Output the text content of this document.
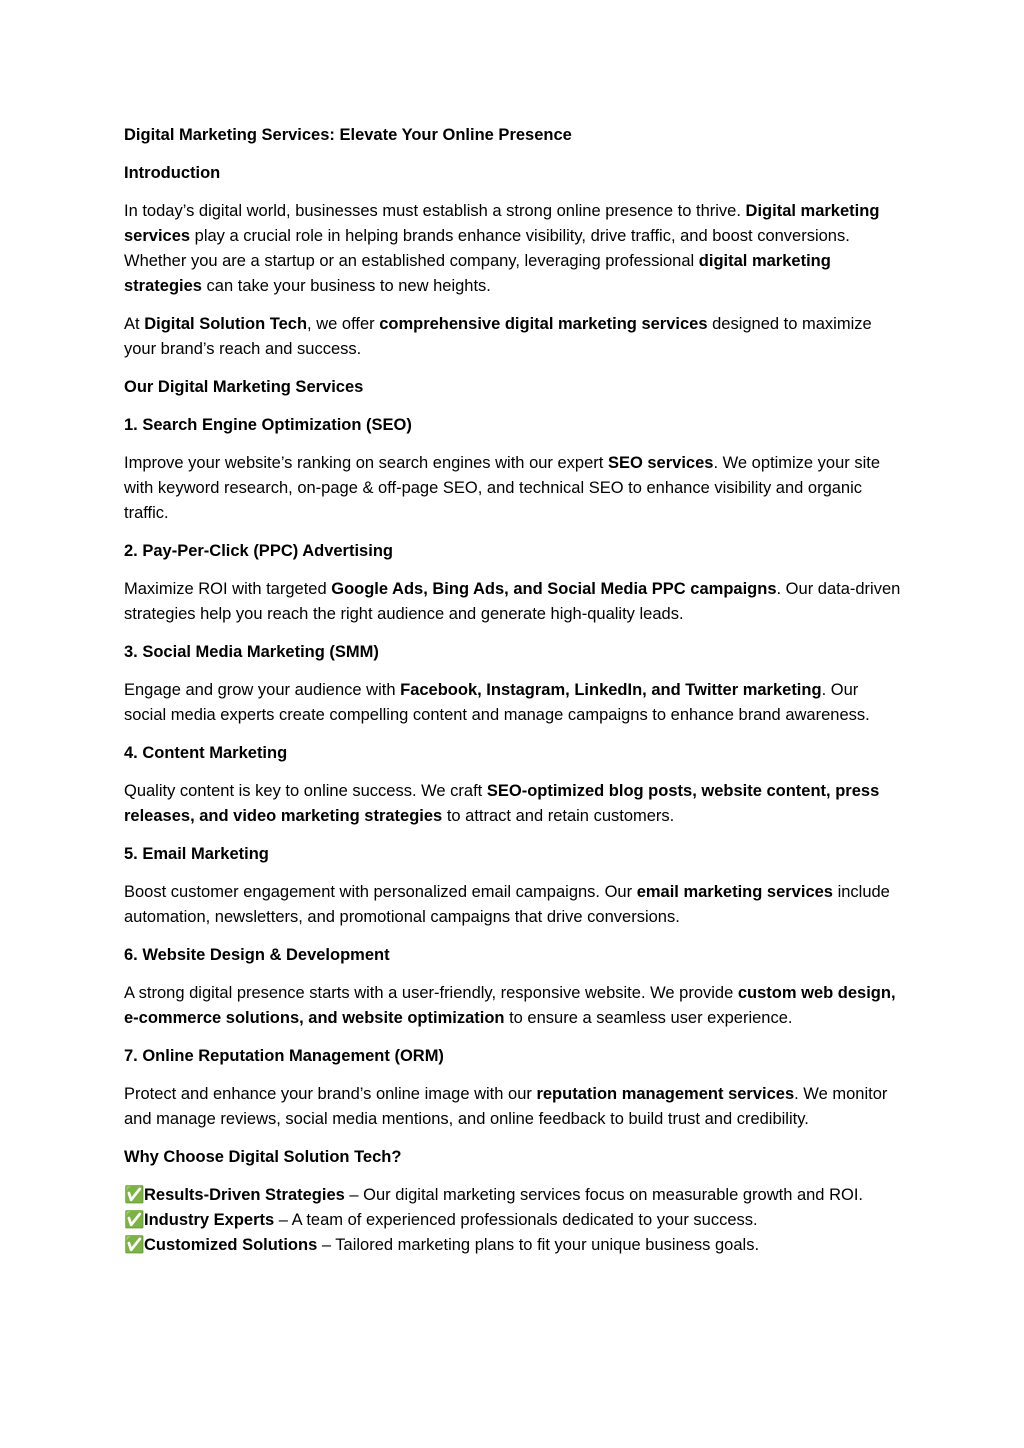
Digital Marketing Services: Elevate Your Online Presence

Introduction

In today’s digital world, businesses must establish a strong online presence to thrive. Digital marketing services play a crucial role in helping brands enhance visibility, drive traffic, and boost conversions. Whether you are a startup or an established company, leveraging professional digital marketing strategies can take your business to new heights.

At Digital Solution Tech, we offer comprehensive digital marketing services designed to maximize your brand’s reach and success.

Our Digital Marketing Services

1. Search Engine Optimization (SEO)

Improve your website’s ranking on search engines with our expert SEO services. We optimize your site with keyword research, on-page & off-page SEO, and technical SEO to enhance visibility and organic traffic.

2. Pay-Per-Click (PPC) Advertising

Maximize ROI with targeted Google Ads, Bing Ads, and Social Media PPC campaigns. Our data-driven strategies help you reach the right audience and generate high-quality leads.

3. Social Media Marketing (SMM)

Engage and grow your audience with Facebook, Instagram, LinkedIn, and Twitter marketing. Our social media experts create compelling content and manage campaigns to enhance brand awareness.

4. Content Marketing

Quality content is key to online success. We craft SEO-optimized blog posts, website content, press releases, and video marketing strategies to attract and retain customers.

5. Email Marketing

Boost customer engagement with personalized email campaigns. Our email marketing services include automation, newsletters, and promotional campaigns that drive conversions.

6. Website Design & Development

A strong digital presence starts with a user-friendly, responsive website. We provide custom web design, e-commerce solutions, and website optimization to ensure a seamless user experience.

7. Online Reputation Management (ORM)

Protect and enhance your brand’s online image with our reputation management services. We monitor and manage reviews, social media mentions, and online feedback to build trust and credibility.

Why Choose Digital Solution Tech?

✅Results-Driven Strategies – Our digital marketing services focus on measurable growth and ROI.
✅Industry Experts – A team of experienced professionals dedicated to your success.
✅Customized Solutions – Tailored marketing plans to fit your unique business goals.
